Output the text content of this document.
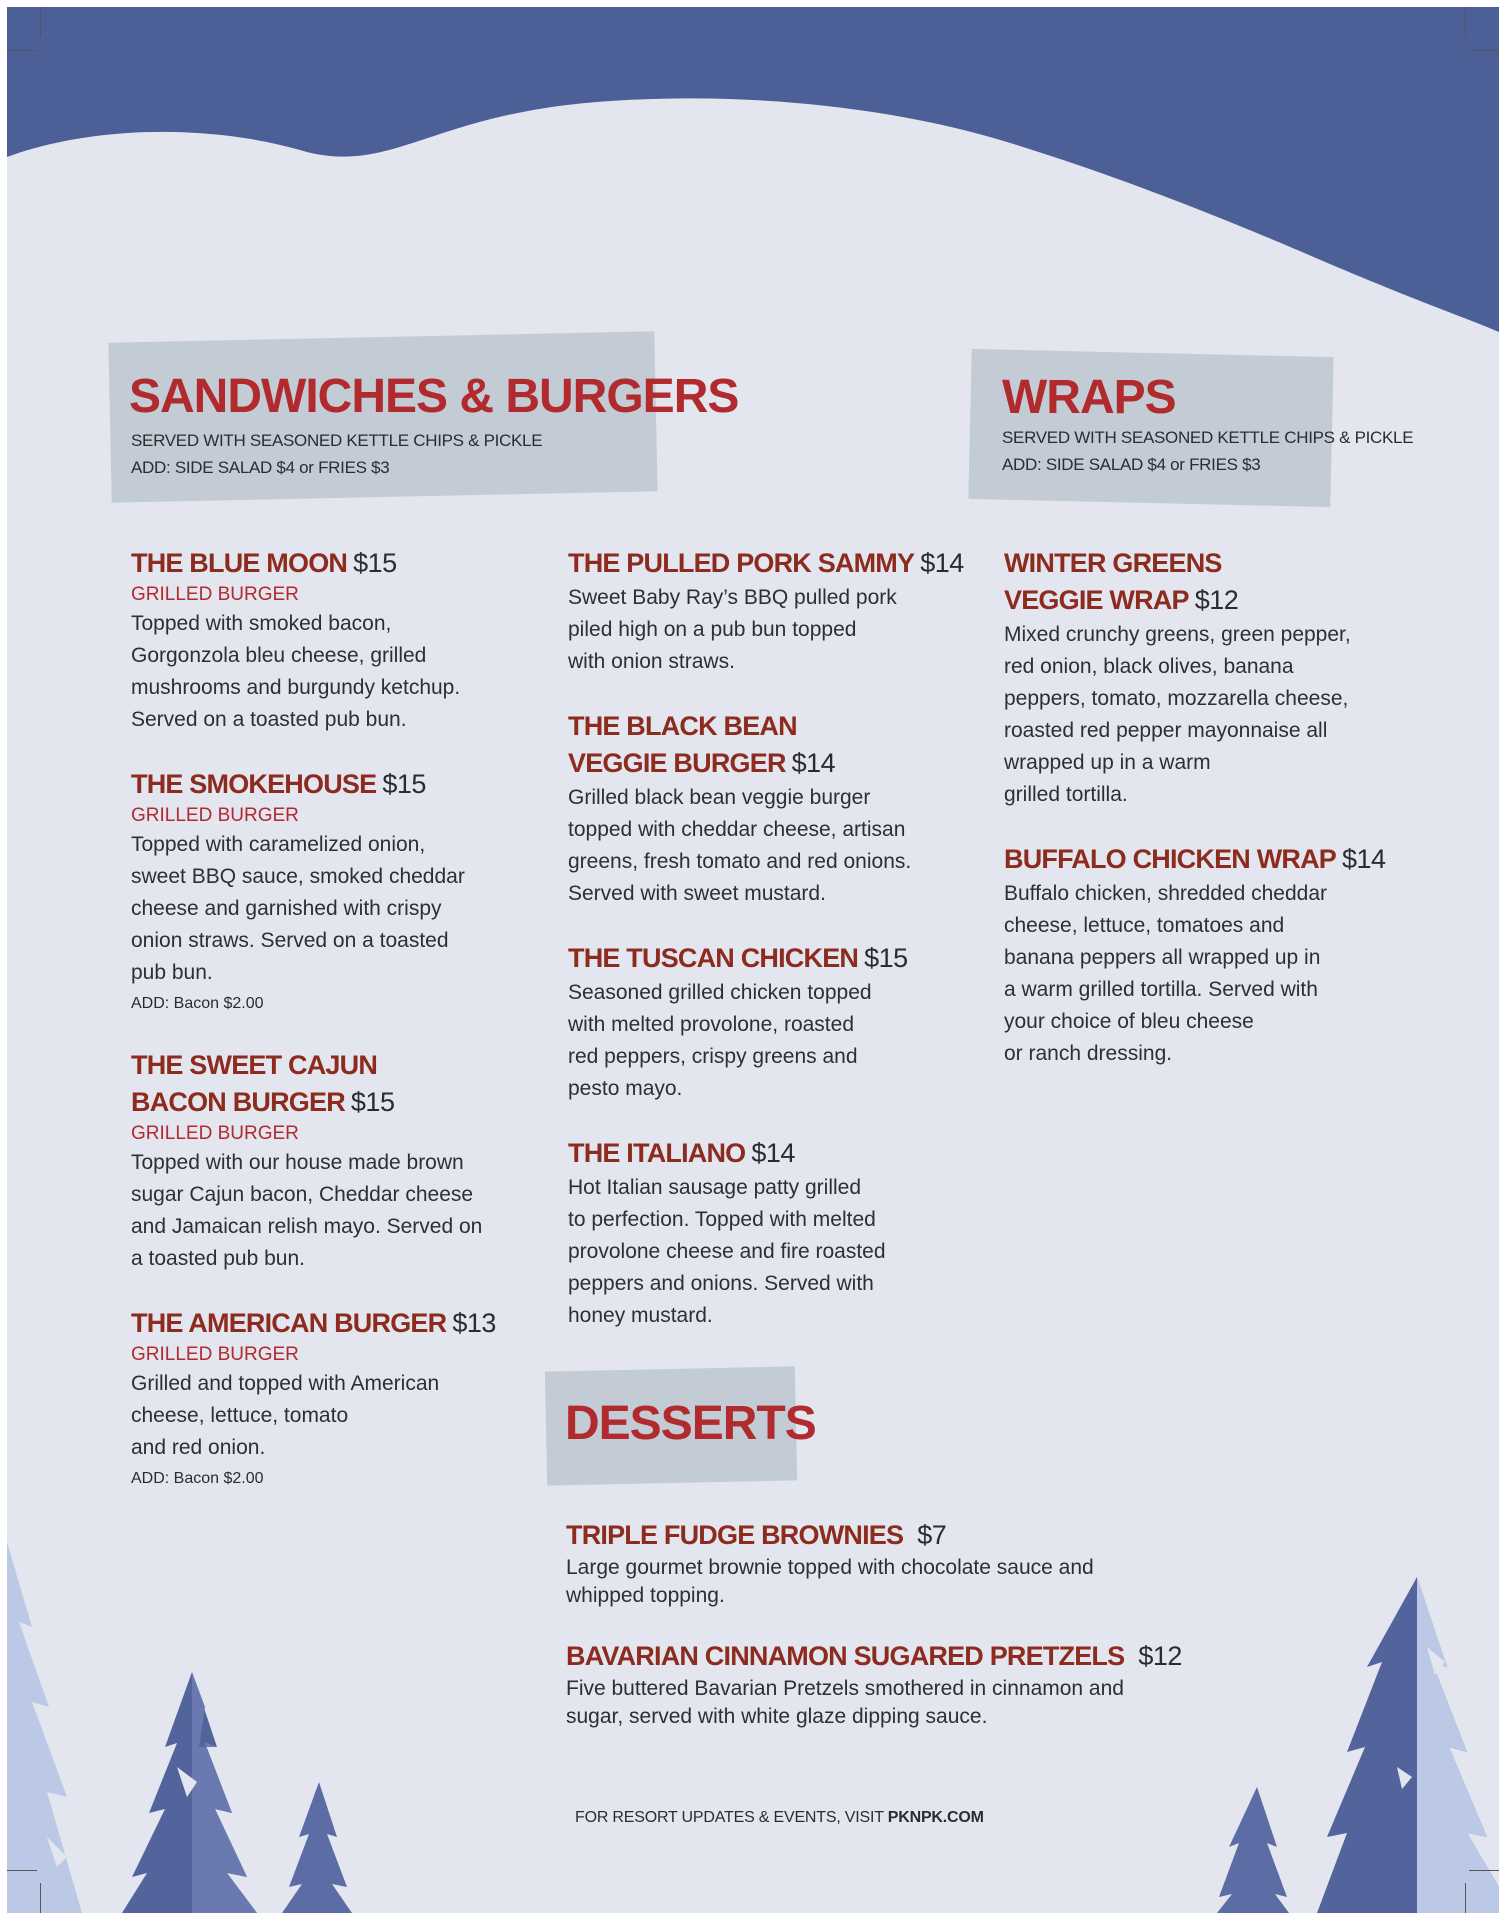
SANDWICHES & BURGERS

SERVED WITH SEASONED KETTLE CHIPS & PICKLE

ADD: SIDE SALAD $4 or FRIES $3

WRAPS

SERVED WITH SEASONED KETTLE CHIPS & PICKLE

ADD: SIDE SALAD $4 or FRIES $3

THE BLUE MOON $15

GRILLED BURGER

Topped with smoked bacon,
Gorgonzola bleu cheese, grilled
mushrooms and burgundy ketchup.
Served on a toasted pub bun.

THE SMOKEHOUSE $15

GRILLED BURGER

Topped with caramelized onion,
sweet BBQ sauce, smoked cheddar
cheese and garnished with crispy
onion straws. Served on a toasted
pub bun.

ADD: Bacon $2.00

THE SWEET CAJUN
BACON BURGER $15

GRILLED BURGER

Topped with our house made brown
sugar Cajun bacon, Cheddar cheese
and Jamaican relish mayo. Served on
a toasted pub bun.

THE AMERICAN BURGER $13

GRILLED BURGER

Grilled and topped with American
cheese, lettuce, tomato
and red onion.

ADD: Bacon $2.00

THE PULLED PORK SAMMY $14

Sweet Baby Ray’s BBQ pulled pork
piled high on a pub bun topped
with onion straws.

THE BLACK BEAN
VEGGIE BURGER $14

Grilled black bean veggie burger
topped with cheddar cheese, artisan
greens, fresh tomato and red onions.
Served with sweet mustard.

THE TUSCAN CHICKEN $15

Seasoned grilled chicken topped
with melted provolone, roasted
red peppers, crispy greens and
pesto mayo.

THE ITALIANO $14

Hot Italian sausage patty grilled
to perfection. Topped with melted
provolone cheese and fire roasted
peppers and onions. Served with
honey mustard.

WINTER GREENS
VEGGIE WRAP $12

Mixed crunchy greens, green pepper,
red onion, black olives, banana
peppers, tomato, mozzarella cheese,
roasted red pepper mayonnaise all
wrapped up in a warm
grilled tortilla.

BUFFALO CHICKEN WRAP $14

Buffalo chicken, shredded cheddar
cheese, lettuce, tomatoes and
banana peppers all wrapped up in
a warm grilled tortilla. Served with
your choice of bleu cheese
or ranch dressing.

DESSERTS

TRIPLE FUDGE BROWNIES $7

Large gourmet brownie topped with chocolate sauce and
whipped topping.

BAVARIAN CINNAMON SUGARED PRETZELS $12

Five buttered Bavarian Pretzels smothered in cinnamon and
sugar, served with white glaze dipping sauce.

FOR RESORT UPDATES & EVENTS, VISIT PKNPK.COM
